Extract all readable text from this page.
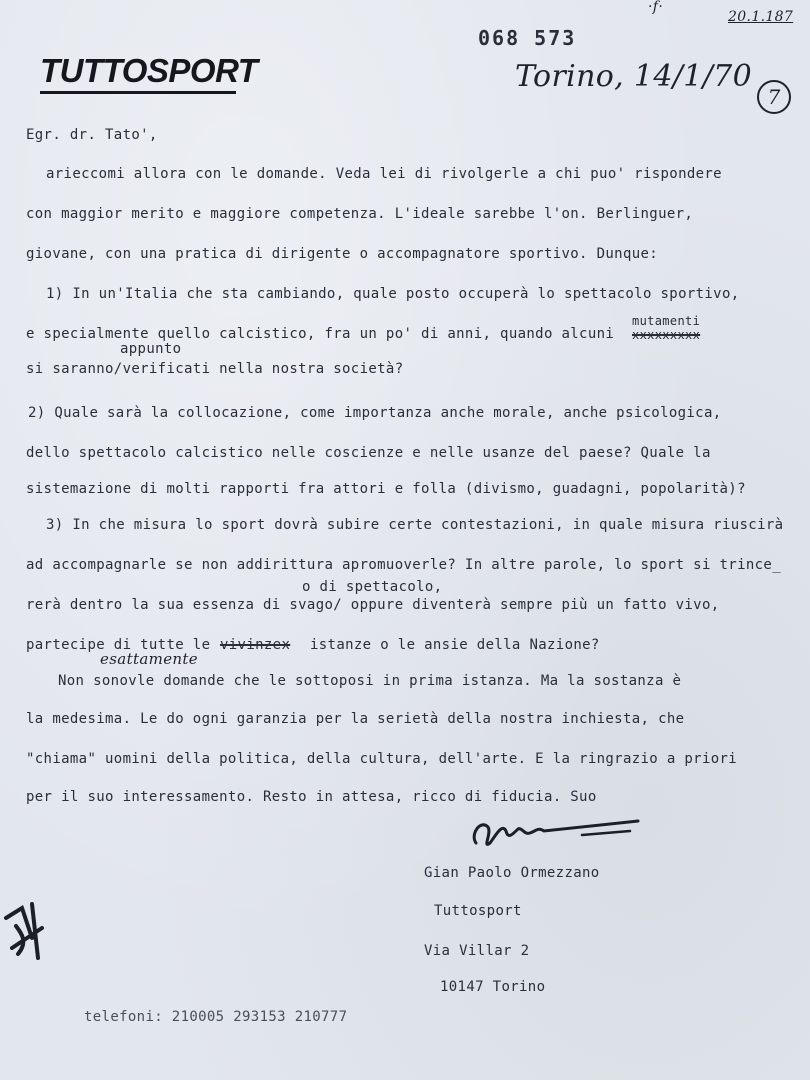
·f·
20.1.187
TUTTOSPORT
068 573
Torino, 14/1/70
7
Egr. dr. Tato',
arieccomi allora con le domande. Veda lei di rivolgerle a chi puo' rispondere
con maggior merito e maggiore competenza. L'ideale sarebbe l'on. Berlinguer,
giovane, con una pratica di dirigente o accompagnatore sportivo. Dunque:
1) In un'Italia che sta cambiando, quale posto occuperà lo spettacolo sportivo,
mutamenti
e specialmente quello calcistico, fra un po' di anni, quando alcuni xxxxxxxxx
appunto
si saranno/verificati nella nostra società?
2) Quale sarà la collocazione, come importanza anche morale, anche psicologica,
dello spettacolo calcistico nelle coscienze e nelle usanze del paese? Quale la
sistemazione di molti rapporti fra attori e folla (divismo, guadagni, popolarità)?
3) In che misura lo sport dovrà subire certe contestazioni, in quale misura riuscirà
ad accompagnarle se non addirittura apromuoverle? In altre parole, lo sport si trince_
o di spettacolo,
rerà dentro la sua essenza di svago/ oppure diventerà sempre più un fatto vivo,
partecipe di tutte le vivinzex istanze o le ansie della Nazione?
esattamente
Non sonovle domande che le sottoposi in prima istanza. Ma la sostanza è
la medesima. Le do ogni garanzia per la serietà della nostra inchiesta, che
"chiama" uomini della politica, della cultura, dell'arte. E la ringrazio a priori
per il suo interessamento. Resto in attesa, ricco di fiducia. Suo
Gian Paolo Ormezzano
Tuttosport
Via Villar 2
10147 Torino
telefoni: 210005 293153 210777
